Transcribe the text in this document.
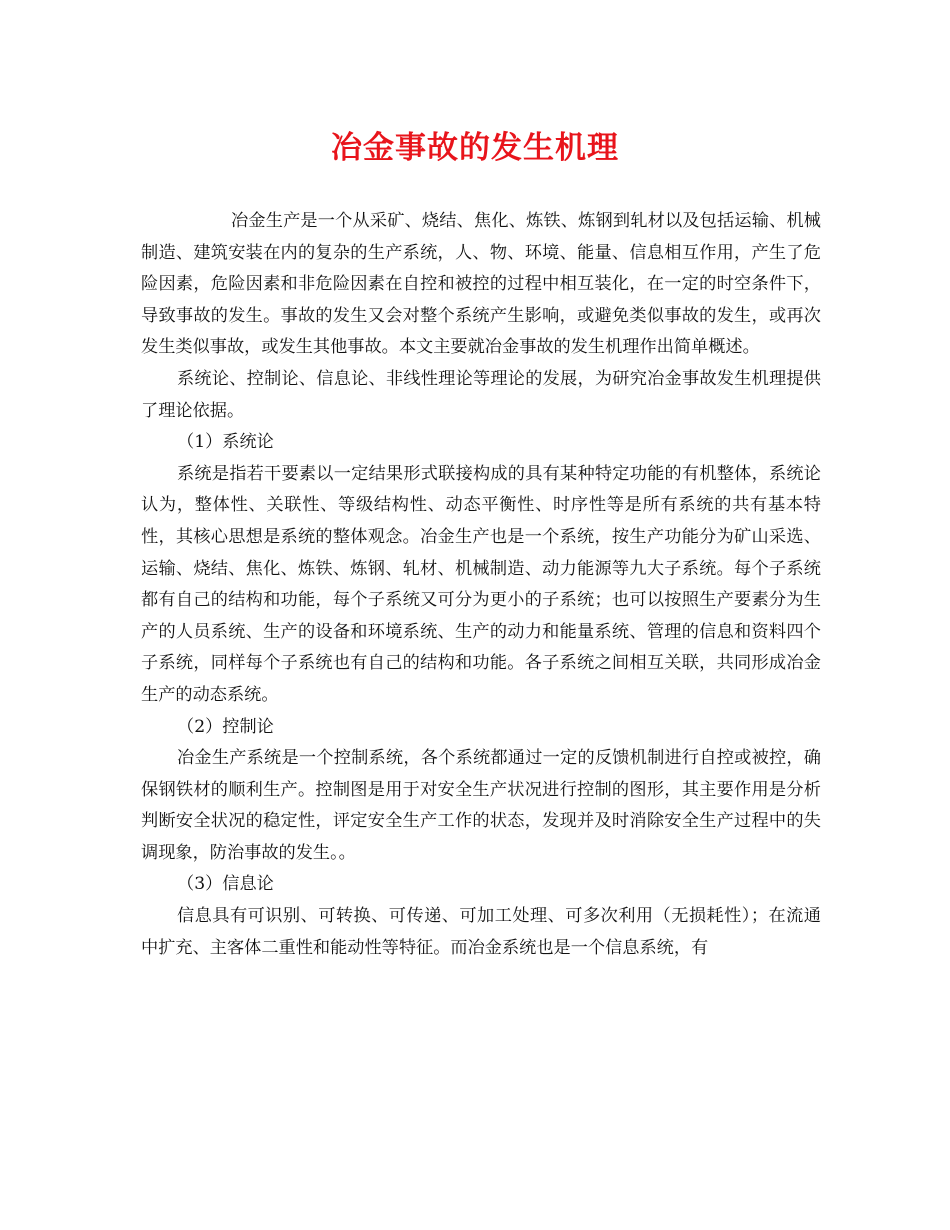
冶金事故的发生机理

冶金生产是一个从采矿、烧结、焦化、炼铁、炼钢到轧材以及包括运输、机械制造、建筑安装在内的复杂的生产系统，人、物、环境、能量、信息相互作用，产生了危险因素，危险因素和非危险因素在自控和被控的过程中相互装化，在一定的时空条件下，导致事故的发生。事故的发生又会对整个系统产生影响，或避免类似事故的发生，或再次发生类似事故，或发生其他事故。本文主要就冶金事故的发生机理作出简单概述。

系统论、控制论、信息论、非线性理论等理论的发展，为研究冶金事故发生机理提供了理论依据。

（1）系统论

系统是指若干要素以一定结果形式联接构成的具有某种特定功能的有机整体，系统论认为，整体性、关联性、等级结构性、动态平衡性、时序性等是所有系统的共有基本特性，其核心思想是系统的整体观念。冶金生产也是一个系统，按生产功能分为矿山采选、运输、烧结、焦化、炼铁、炼钢、轧材、机械制造、动力能源等九大子系统。每个子系统都有自己的结构和功能，每个子系统又可分为更小的子系统；也可以按照生产要素分为生产的人员系统、生产的设备和环境系统、生产的动力和能量系统、管理的信息和资料四个子系统，同样每个子系统也有自己的结构和功能。各子系统之间相互关联，共同形成冶金生产的动态系统。

（2）控制论

冶金生产系统是一个控制系统，各个系统都通过一定的反馈机制进行自控或被控，确保钢铁材的顺利生产。控制图是用于对安全生产状况进行控制的图形，其主要作用是分析判断安全状况的稳定性，评定安全生产工作的状态，发现并及时消除安全生产过程中的失调现象，防治事故的发生。。

（3）信息论

信息具有可识别、可转换、可传递、可加工处理、可多次利用（无损耗性）；在流通中扩充、主客体二重性和能动性等特征。而冶金系统也是一个信息系统，有
